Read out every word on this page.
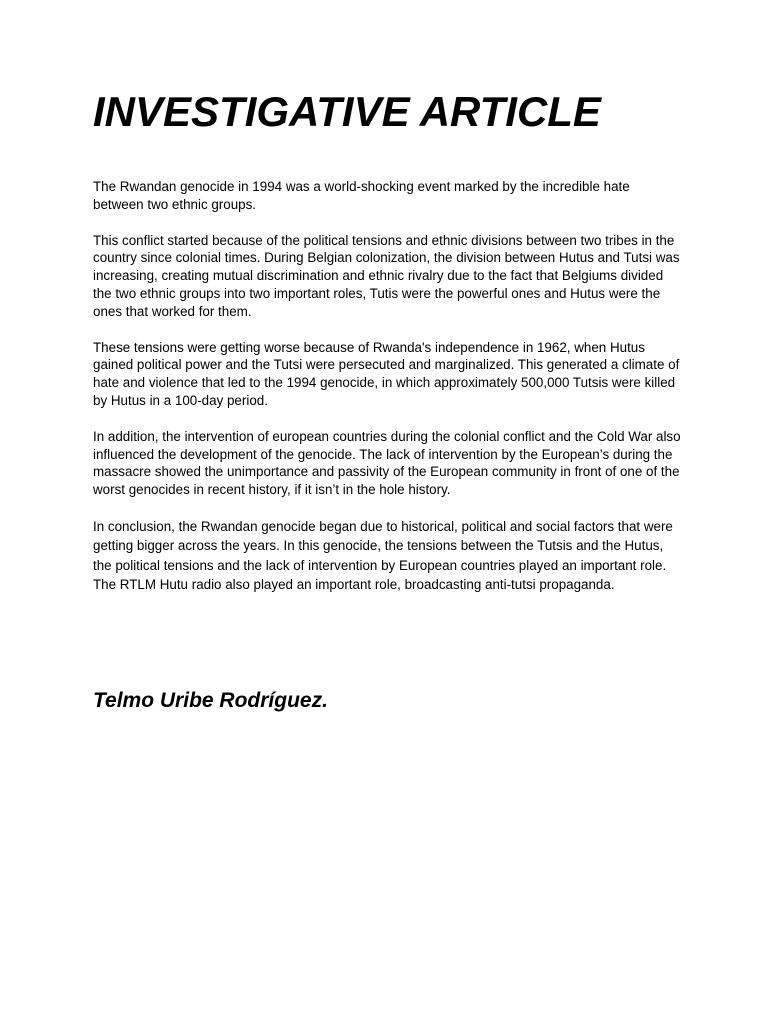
INVESTIGATIVE ARTICLE

The Rwandan genocide in 1994 was a world-shocking event marked by the incredible hate between two ethnic groups.

This conflict started because of the political tensions and ethnic divisions between two tribes in the country since colonial times. During Belgian colonization, the division between Hutus and Tutsi was increasing, creating mutual discrimination and ethnic rivalry due to the fact that Belgiums divided the two ethnic groups into two important roles, Tutis were the powerful ones and Hutus were the ones that worked for them.

These tensions were getting worse because of Rwanda's independence in 1962, when Hutus gained political power and the Tutsi were persecuted and marginalized. This generated a climate of hate and violence that led to the 1994 genocide, in which approximately 500,000 Tutsis were killed by Hutus in a 100-day period.

In addition, the intervention of european countries during the colonial conflict and the Cold War also influenced the development of the genocide. The lack of intervention by the European’s during the massacre showed the unimportance and passivity of the European community in front of one of the worst genocides in recent history, if it isn’t in the hole history.

In conclusion, the Rwandan genocide began due to historical, political and social factors that were getting bigger across the years. In this genocide, the tensions between the Tutsis and the Hutus, the political tensions and the lack of intervention by European countries played an important role. The RTLM Hutu radio also played an important role, broadcasting anti-tutsi propaganda.

Telmo Uribe Rodríguez.
